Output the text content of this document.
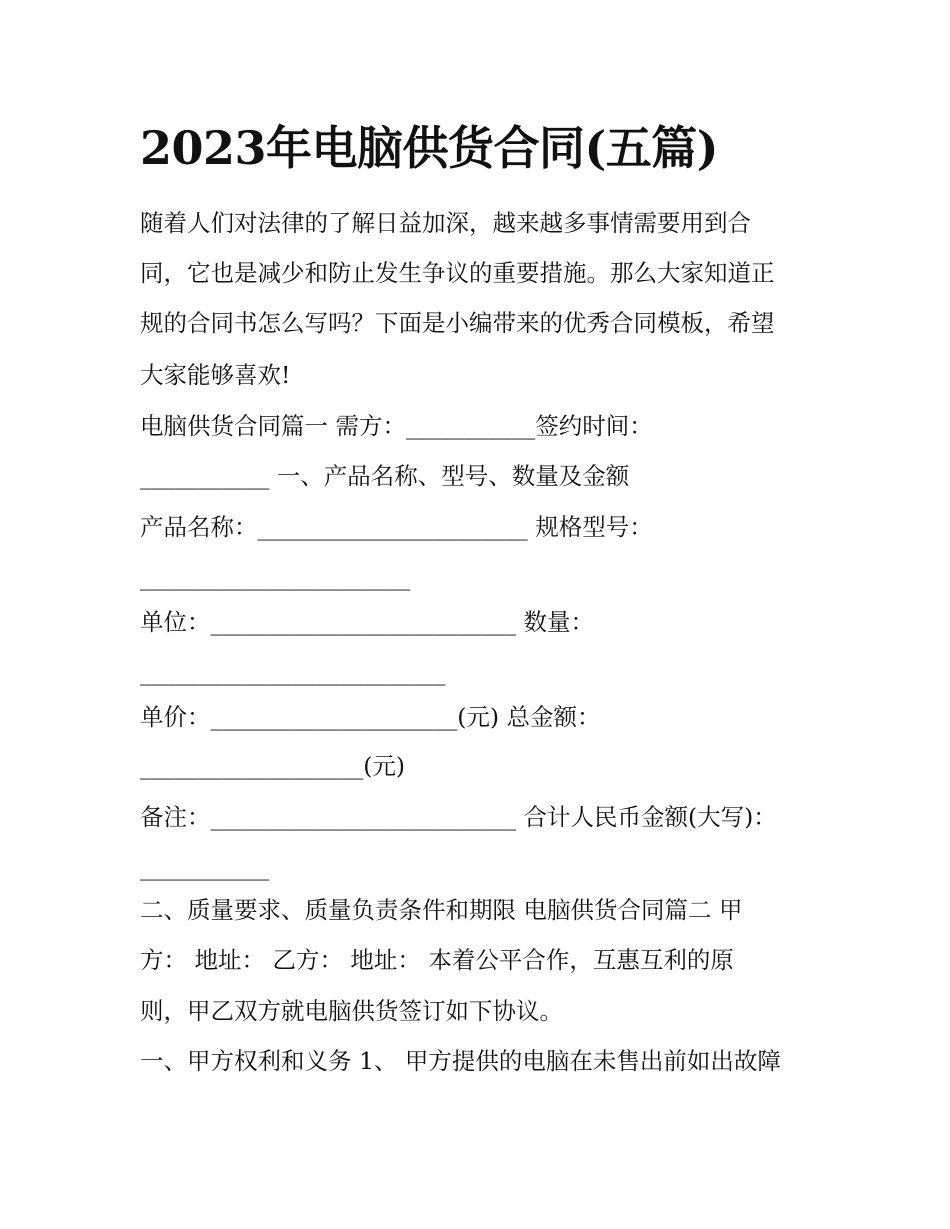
2023年电脑供货合同(五篇)
随着人们对法律的了解日益加深，越来越多事情需要用到合
同，它也是减少和防止发生争议的重要措施。那么大家知道正
规的合同书怎么写吗？下面是小编带来的优秀合同模板，希望
大家能够喜欢!
电脑供货合同篇一 需方：___________签约时间：
___________ 一、产品名称、型号、数量及金额
产品名称：_______________________ 规格型号：
_______________________
单位：__________________________ 数量：
__________________________
单价：_____________________(元) 总金额：
___________________(元)
备注：__________________________ 合计人民币金额(大写)：
___________
二、质量要求、质量负责条件和期限 电脑供货合同篇二 甲
方： 地址： 乙方： 地址： 本着公平合作，互惠互利的原
则，甲乙双方就电脑供货签订如下协议。
一、甲方权利和义务 1、 甲方提供的电脑在未售出前如出故障
